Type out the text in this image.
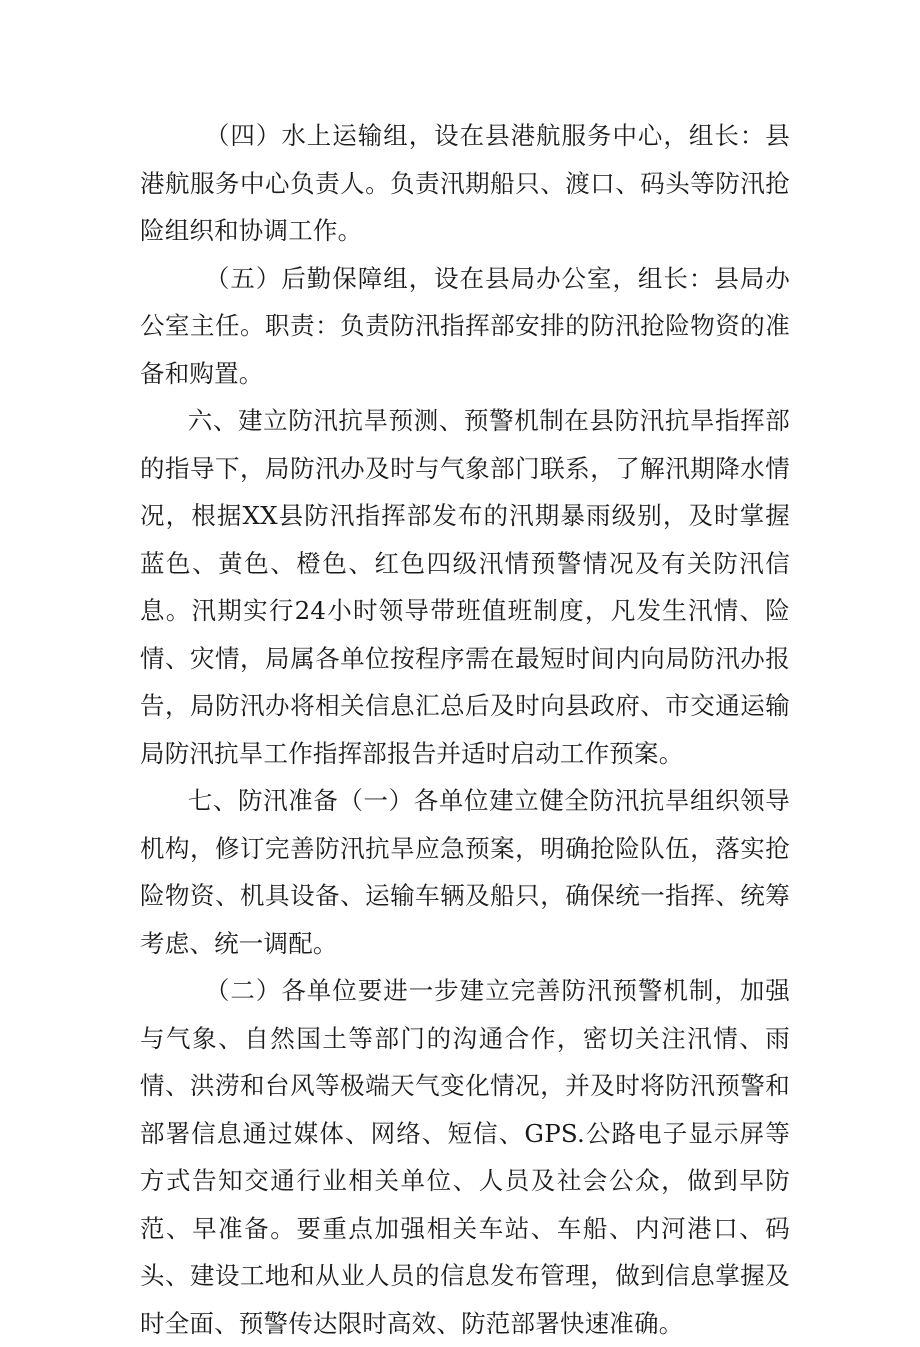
（四）水上运输组，设在县港航服务中心，组长：县港航服务中心负责人。负责汛期船只、渡口、码头等防汛抢险组织和协调工作。

（五）后勤保障组，设在县局办公室，组长：县局办公室主任。职责：负责防汛指挥部安排的防汛抢险物资的准备和购置。

六、建立防汛抗旱预测、预警机制在县防汛抗旱指挥部的指导下，局防汛办及时与气象部门联系，了解汛期降水情况，根据XX县防汛指挥部发布的汛期暴雨级别，及时掌握蓝色、黄色、橙色、红色四级汛情预警情况及有关防汛信息。汛期实行24小时领导带班值班制度，凡发生汛情、险情、灾情，局属各单位按程序需在最短时间内向局防汛办报告，局防汛办将相关信息汇总后及时向县政府、市交通运输局防汛抗旱工作指挥部报告并适时启动工作预案。

七、防汛准备（一）各单位建立健全防汛抗旱组织领导机构，修订完善防汛抗旱应急预案，明确抢险队伍，落实抢险物资、机具设备、运输车辆及船只，确保统一指挥、统筹考虑、统一调配。

（二）各单位要进一步建立完善防汛预警机制，加强与气象、自然国土等部门的沟通合作，密切关注汛情、雨情、洪涝和台风等极端天气变化情况，并及时将防汛预警和部署信息通过媒体、网络、短信、GPS.公路电子显示屏等方式告知交通行业相关单位、人员及社会公众，做到早防范、早准备。要重点加强相关车站、车船、内河港口、码头、建设工地和从业人员的信息发布管理，做到信息掌握及时全面、预警传达限时高效、防范部署快速准确。
